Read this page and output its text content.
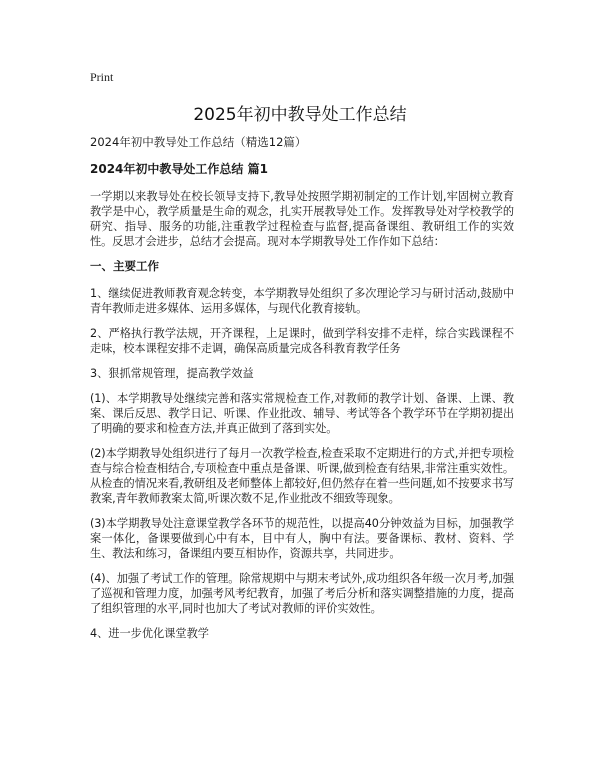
Print
2025年初中教导处工作总结

2024年初中教导处工作总结（精选12篇）

2024年初中教导处工作总结 篇1

一学期以来教导处在校长领导支持下,教导处按照学期初制定的工作计划,牢固树立教育教学是中心，教学质量是生命的观念，扎实开展教导处工作。发挥教导处对学校教学的研究、指导、服务的功能,注重教学过程检查与监督,提高备课组、教研组工作的实效性。反思才会进步，总结才会提高。现对本学期教导处工作作如下总结：

一、主要工作

1、继续促进教师教育观念转变，本学期教导处组织了多次理论学习与研讨活动,鼓励中青年教师走进多媒体、运用多媒体，与现代化教育接轨。

2、严格执行教学法规，开齐课程，上足课时，做到学科安排不走样，综合实践课程不走味，校本课程安排不走调，确保高质量完成各科教育教学任务

3、狠抓常规管理，提高教学效益

(1)、本学期教导处继续完善和落实常规检查工作,对教师的教学计划、备课、上课、教案、课后反思、教学日记、听课、作业批改、辅导、考试等各个教学环节在学期初提出了明确的要求和检查方法,并真正做到了落到实处。

(2)本学期教导处组织进行了每月一次教学检查,检查采取不定期进行的方式,并把专项检查与综合检查相结合,专项检查中重点是备课、听课,做到检查有结果,非常注重实效性。从检查的情况来看,教研组及老师整体上都较好,但仍然存在着一些问题,如不按要求书写教案,青年教师教案太简,听课次数不足,作业批改不细致等现象。

(3)本学期教导处注意课堂教学各环节的规范性，以提高40分钟效益为目标，加强教学案一体化，备课要做到心中有本，目中有人，胸中有法。要备课标、教材、资料、学生、教法和练习，备课组内要互相协作，资源共享，共同进步。

(4)、加强了考试工作的管理。除常规期中与期末考试外,成功组织各年级一次月考,加强了巡视和管理力度，加强考风考纪教育，加强了考后分析和落实调整措施的力度，提高了组织管理的水平,同时也加大了考试对教师的评价实效性。

4、进一步优化课堂教学
